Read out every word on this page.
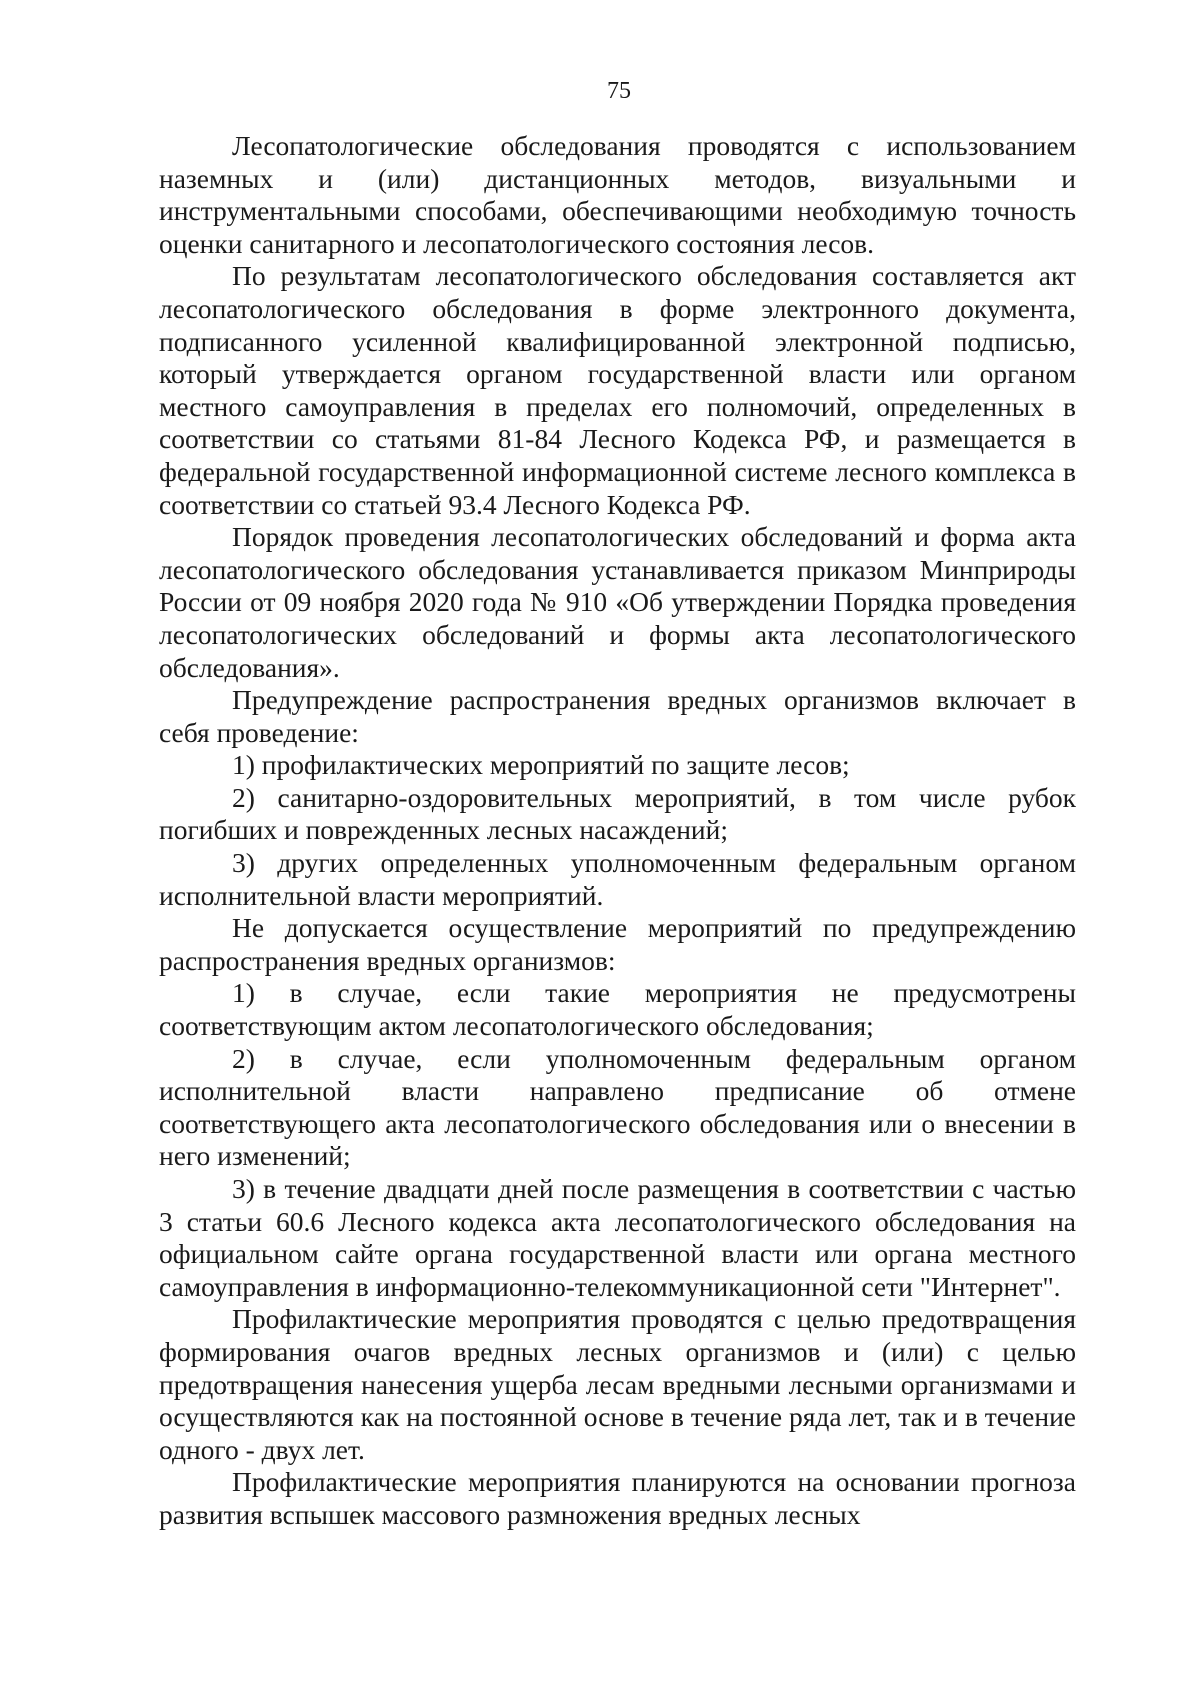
75

Лесопатологические обследования проводятся с использованием наземных и (или) дистанционных методов, визуальными и инструментальными способами, обеспечивающими необходимую точность оценки санитарного и лесопатологического состояния лесов.

По результатам лесопатологического обследования составляется акт лесопатологического обследования в форме электронного документа, подписанного усиленной квалифицированной электронной подписью, который утверждается органом государственной власти или органом местного самоуправления в пределах его полномочий, определенных в соответствии со статьями 81-84 Лесного Кодекса РФ, и размещается в федеральной государственной информационной системе лесного комплекса в соответствии со статьей 93.4 Лесного Кодекса РФ.

Порядок проведения лесопатологических обследований и форма акта лесопатологического обследования устанавливается приказом Минприроды России от 09 ноября 2020 года № 910 «Об утверждении Порядка проведения лесопатологических обследований и формы акта лесопатологического обследования».

Предупреждение распространения вредных организмов включает в себя проведение:

1) профилактических мероприятий по защите лесов;

2) санитарно-оздоровительных мероприятий, в том числе рубок погибших и поврежденных лесных насаждений;

3) других определенных уполномоченным федеральным органом исполнительной власти мероприятий.

Не допускается осуществление мероприятий по предупреждению распространения вредных организмов:

1) в случае, если такие мероприятия не предусмотрены соответствующим актом лесопатологического обследования;

2) в случае, если уполномоченным федеральным органом исполнительной власти направлено предписание об отмене соответствующего акта лесопатологического обследования или о внесении в него изменений;

3) в течение двадцати дней после размещения в соответствии с частью 3 статьи 60.6 Лесного кодекса акта лесопатологического обследования на официальном сайте органа государственной власти или органа местного самоуправления в информационно-телекоммуникационной сети "Интернет".

Профилактические мероприятия проводятся с целью предотвращения формирования очагов вредных лесных организмов и (или) с целью предотвращения нанесения ущерба лесам вредными лесными организмами и осуществляются как на постоянной основе в течение ряда лет, так и в течение одного - двух лет.

Профилактические мероприятия планируются на основании прогноза развития вспышек массового размножения вредных лесных
